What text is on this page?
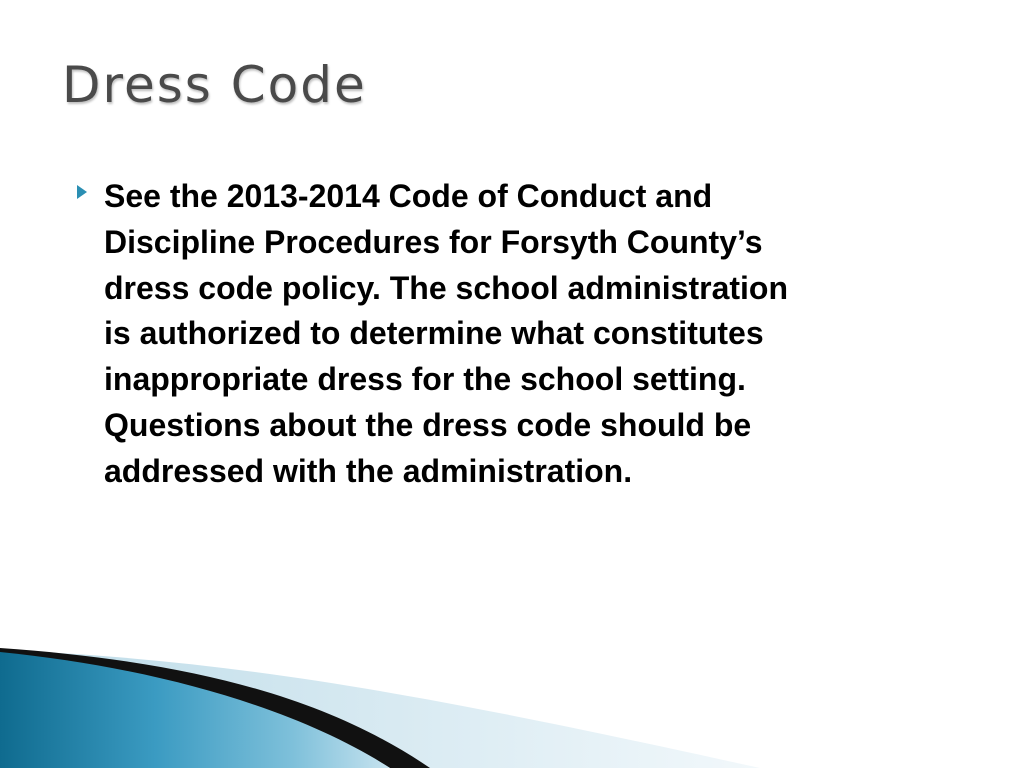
Dress Code
See the 2013-2014 Code of Conduct and
Discipline Procedures for Forsyth County’s
dress code policy. The school administration
is authorized to determine what constitutes
inappropriate dress for the school setting.
Questions about the dress code should be
addressed with the administration.
